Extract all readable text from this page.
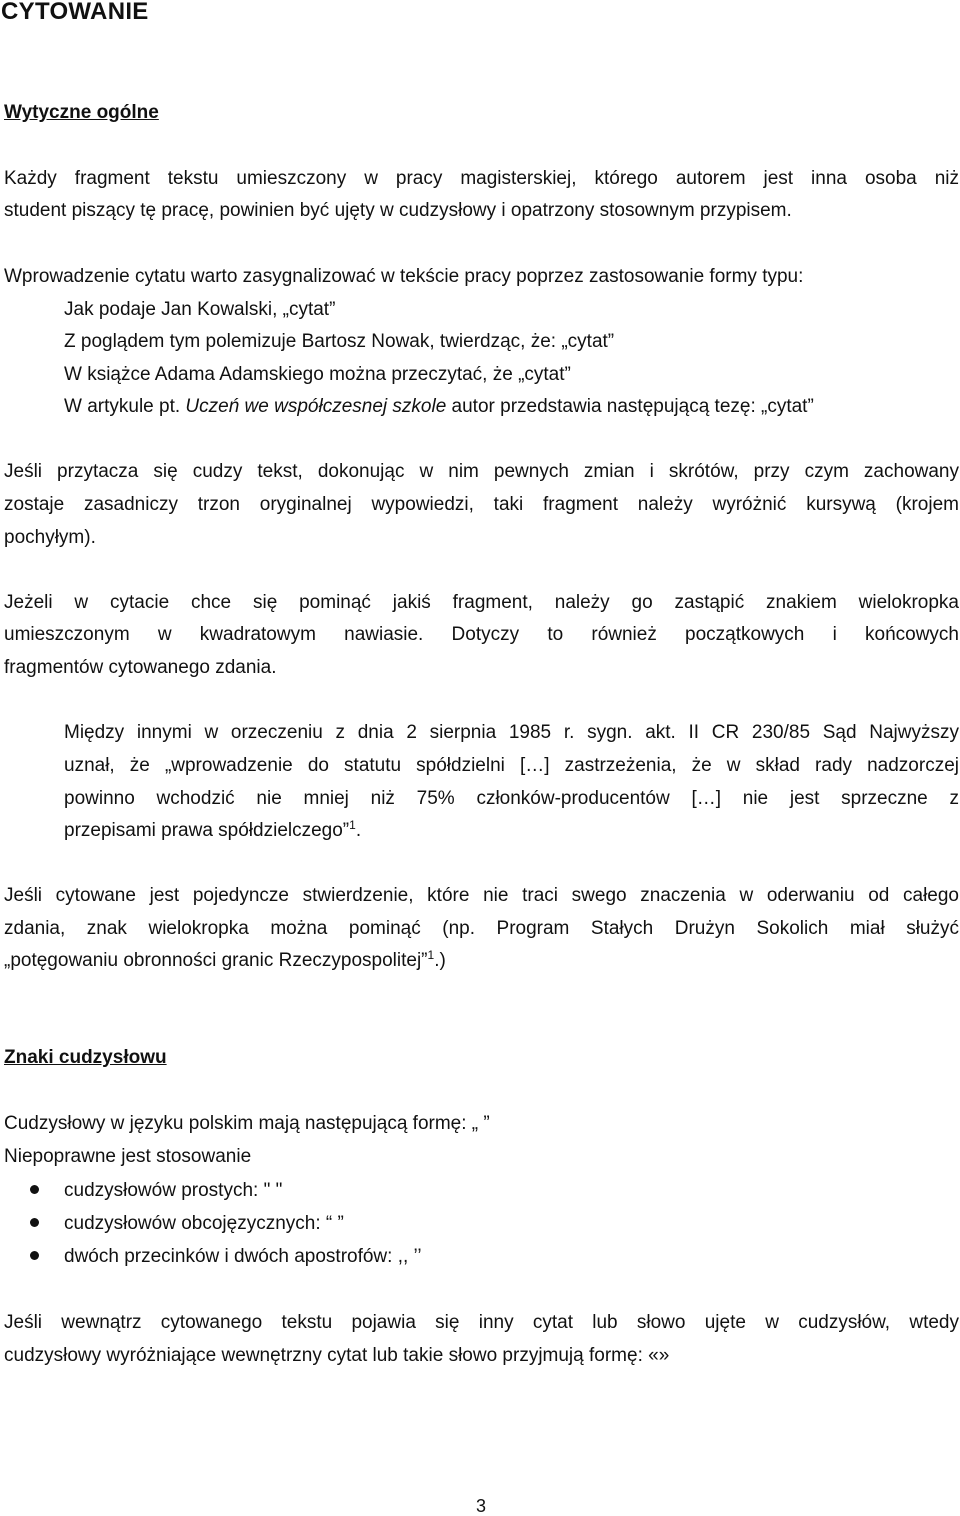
CYTOWANIE
Wytyczne ogólne
Każdy fragment tekstu umieszczony w pracy magisterskiej, którego autorem jest inna osoba niż
student piszący tę pracę, powinien być ujęty w cudzysłowy i opatrzony stosownym przypisem.
Wprowadzenie cytatu warto zasygnalizować w tekście pracy poprzez zastosowanie formy typu:
Jak podaje Jan Kowalski, „cytat”
Z poglądem tym polemizuje Bartosz Nowak, twierdząc, że: „cytat”
W książce Adama Adamskiego można przeczytać, że „cytat”
W artykule pt. Uczeń we współczesnej szkole autor przedstawia następującą tezę: „cytat”
Jeśli przytacza się cudzy tekst, dokonując w nim pewnych zmian i skrótów, przy czym zachowany
zostaje zasadniczy trzon oryginalnej wypowiedzi, taki fragment należy wyróżnić kursywą (krojem
pochyłym).
Jeżeli w cytacie chce się pominąć jakiś fragment, należy go zastąpić znakiem wielokropka
umieszczonym w kwadratowym nawiasie. Dotyczy to również początkowych i końcowych
fragmentów cytowanego zdania.
Między innymi w orzeczeniu z dnia 2 sierpnia 1985 r. sygn. akt. II CR 230/85 Sąd Najwyższy
uznał, że „wprowadzenie do statutu spółdzielni […] zastrzeżenia, że w skład rady nadzorczej
powinno wchodzić nie mniej niż 75% członków-producentów […] nie jest sprzeczne z
przepisami prawa spółdzielczego”$^1$.
Jeśli cytowane jest pojedyncze stwierdzenie, które nie traci swego znaczenia w oderwaniu od całego
zdania, znak wielokropka można pominąć (np. Program Stałych Drużyn Sokolich miał służyć
„potęgowaniu obronności granic Rzeczypospolitej”$^1$.)
Znaki cudzysłowu
Cudzysłowy w języku polskim mają następującą formę: „ ”
Niepoprawne jest stosowanie
cudzysłowów prostych: " "
cudzysłowów obcojęzycznych: “ ”
dwóch przecinków i dwóch apostrofów: ,, ’’
Jeśli wewnątrz cytowanego tekstu pojawia się inny cytat lub słowo ujęte w cudzysłów, wtedy
cudzysłowy wyróżniające wewnętrzny cytat lub takie słowo przyjmują formę: «»
3
